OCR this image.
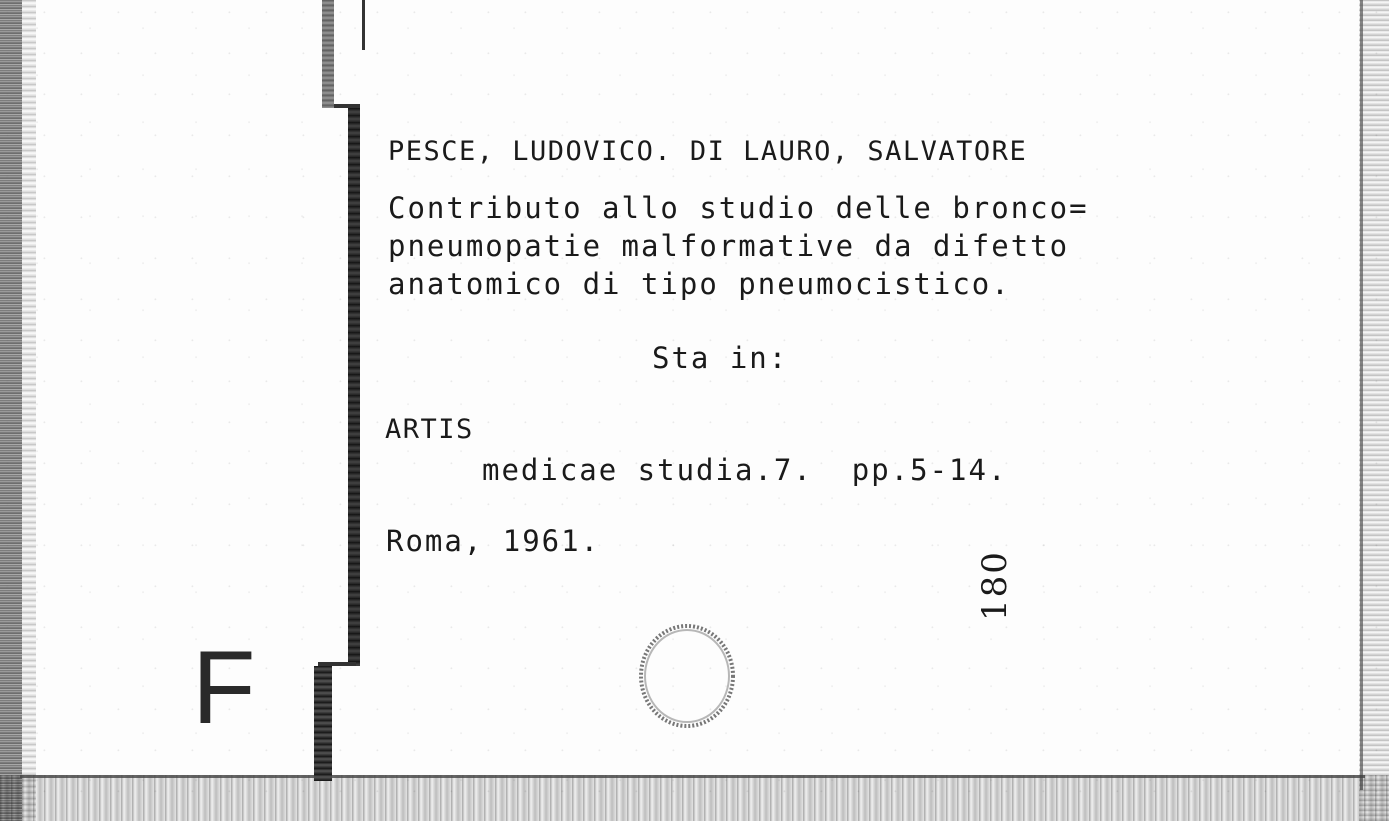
PESCE, LUDOVICO. DI LAURO, SALVATORE
Contributo allo studio delle bronco=
pneumopatie malformative da difetto
anatomico di tipo pneumocistico.
Sta in:
ARTIS
medicae studia.7.  pp.5-14.
Roma, 1961.
180
F
